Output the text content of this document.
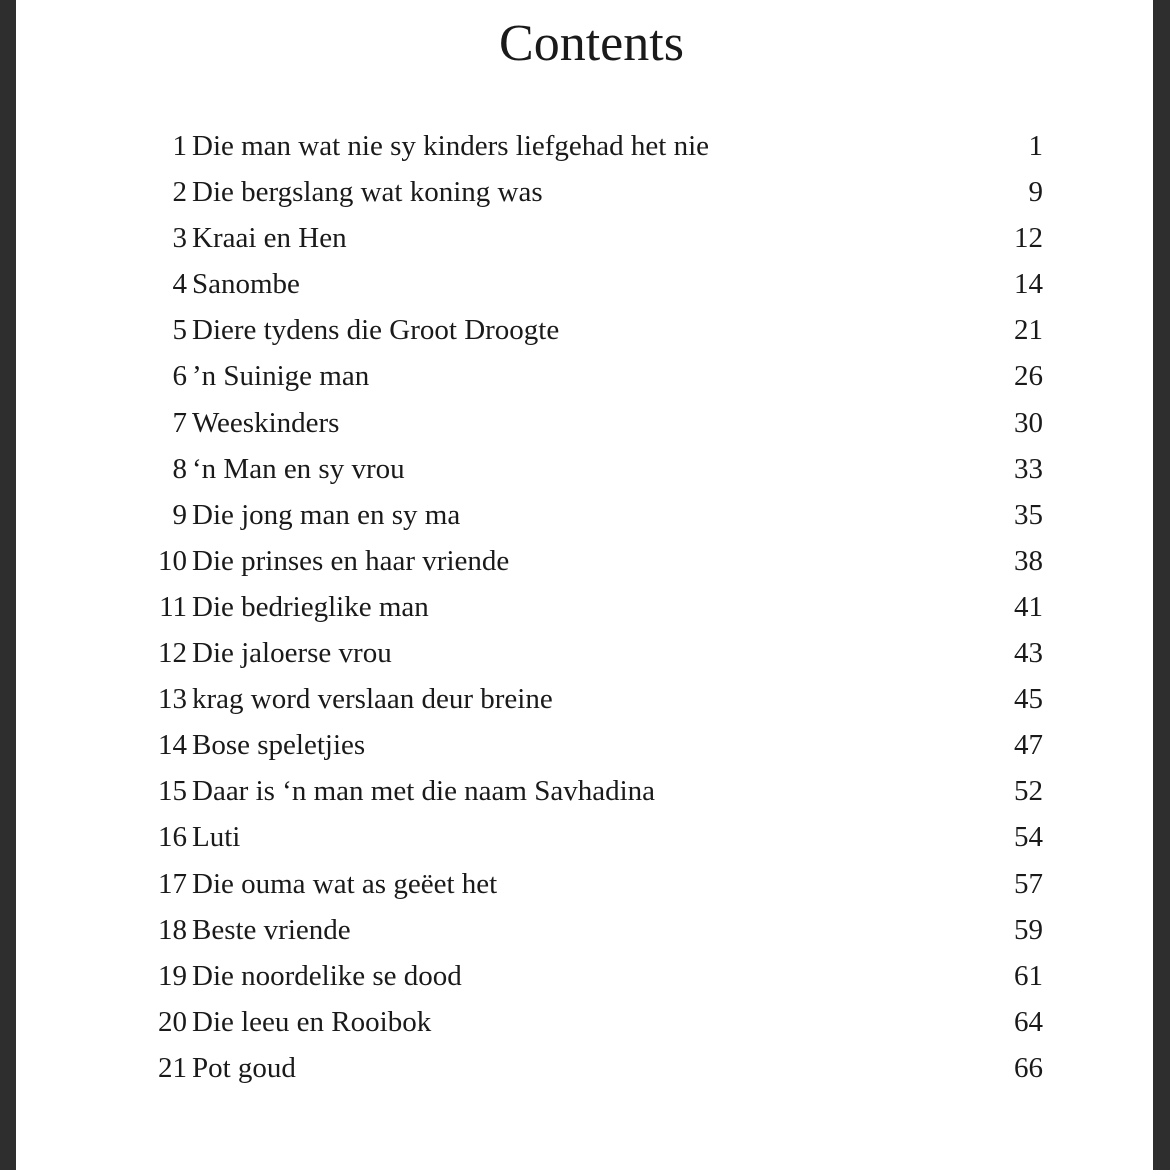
Contents
1 Die man wat nie sy kinders liefgehad het nie	1
2 Die bergslang wat koning was	9
3 Kraai en Hen	12
4 Sanombe	14
5 Diere tydens die Groot Droogte	21
6 ’n Suinige man	26
7 Weeskinders	30
8 ‘n Man en sy vrou	33
9 Die jong man en sy ma	35
10 Die prinses en haar vriende	38
11 Die bedrieglike man	41
12 Die jaloerse vrou	43
13 krag word verslaan deur breine	45
14 Bose speletjies	47
15 Daar is ‘n man met die naam Savhadina	52
16 Luti	54
17 Die ouma wat as geëet het	57
18 Beste vriende	59
19 Die noordelike se dood	61
20 Die leeu en Rooibok	64
21 Pot goud	66
